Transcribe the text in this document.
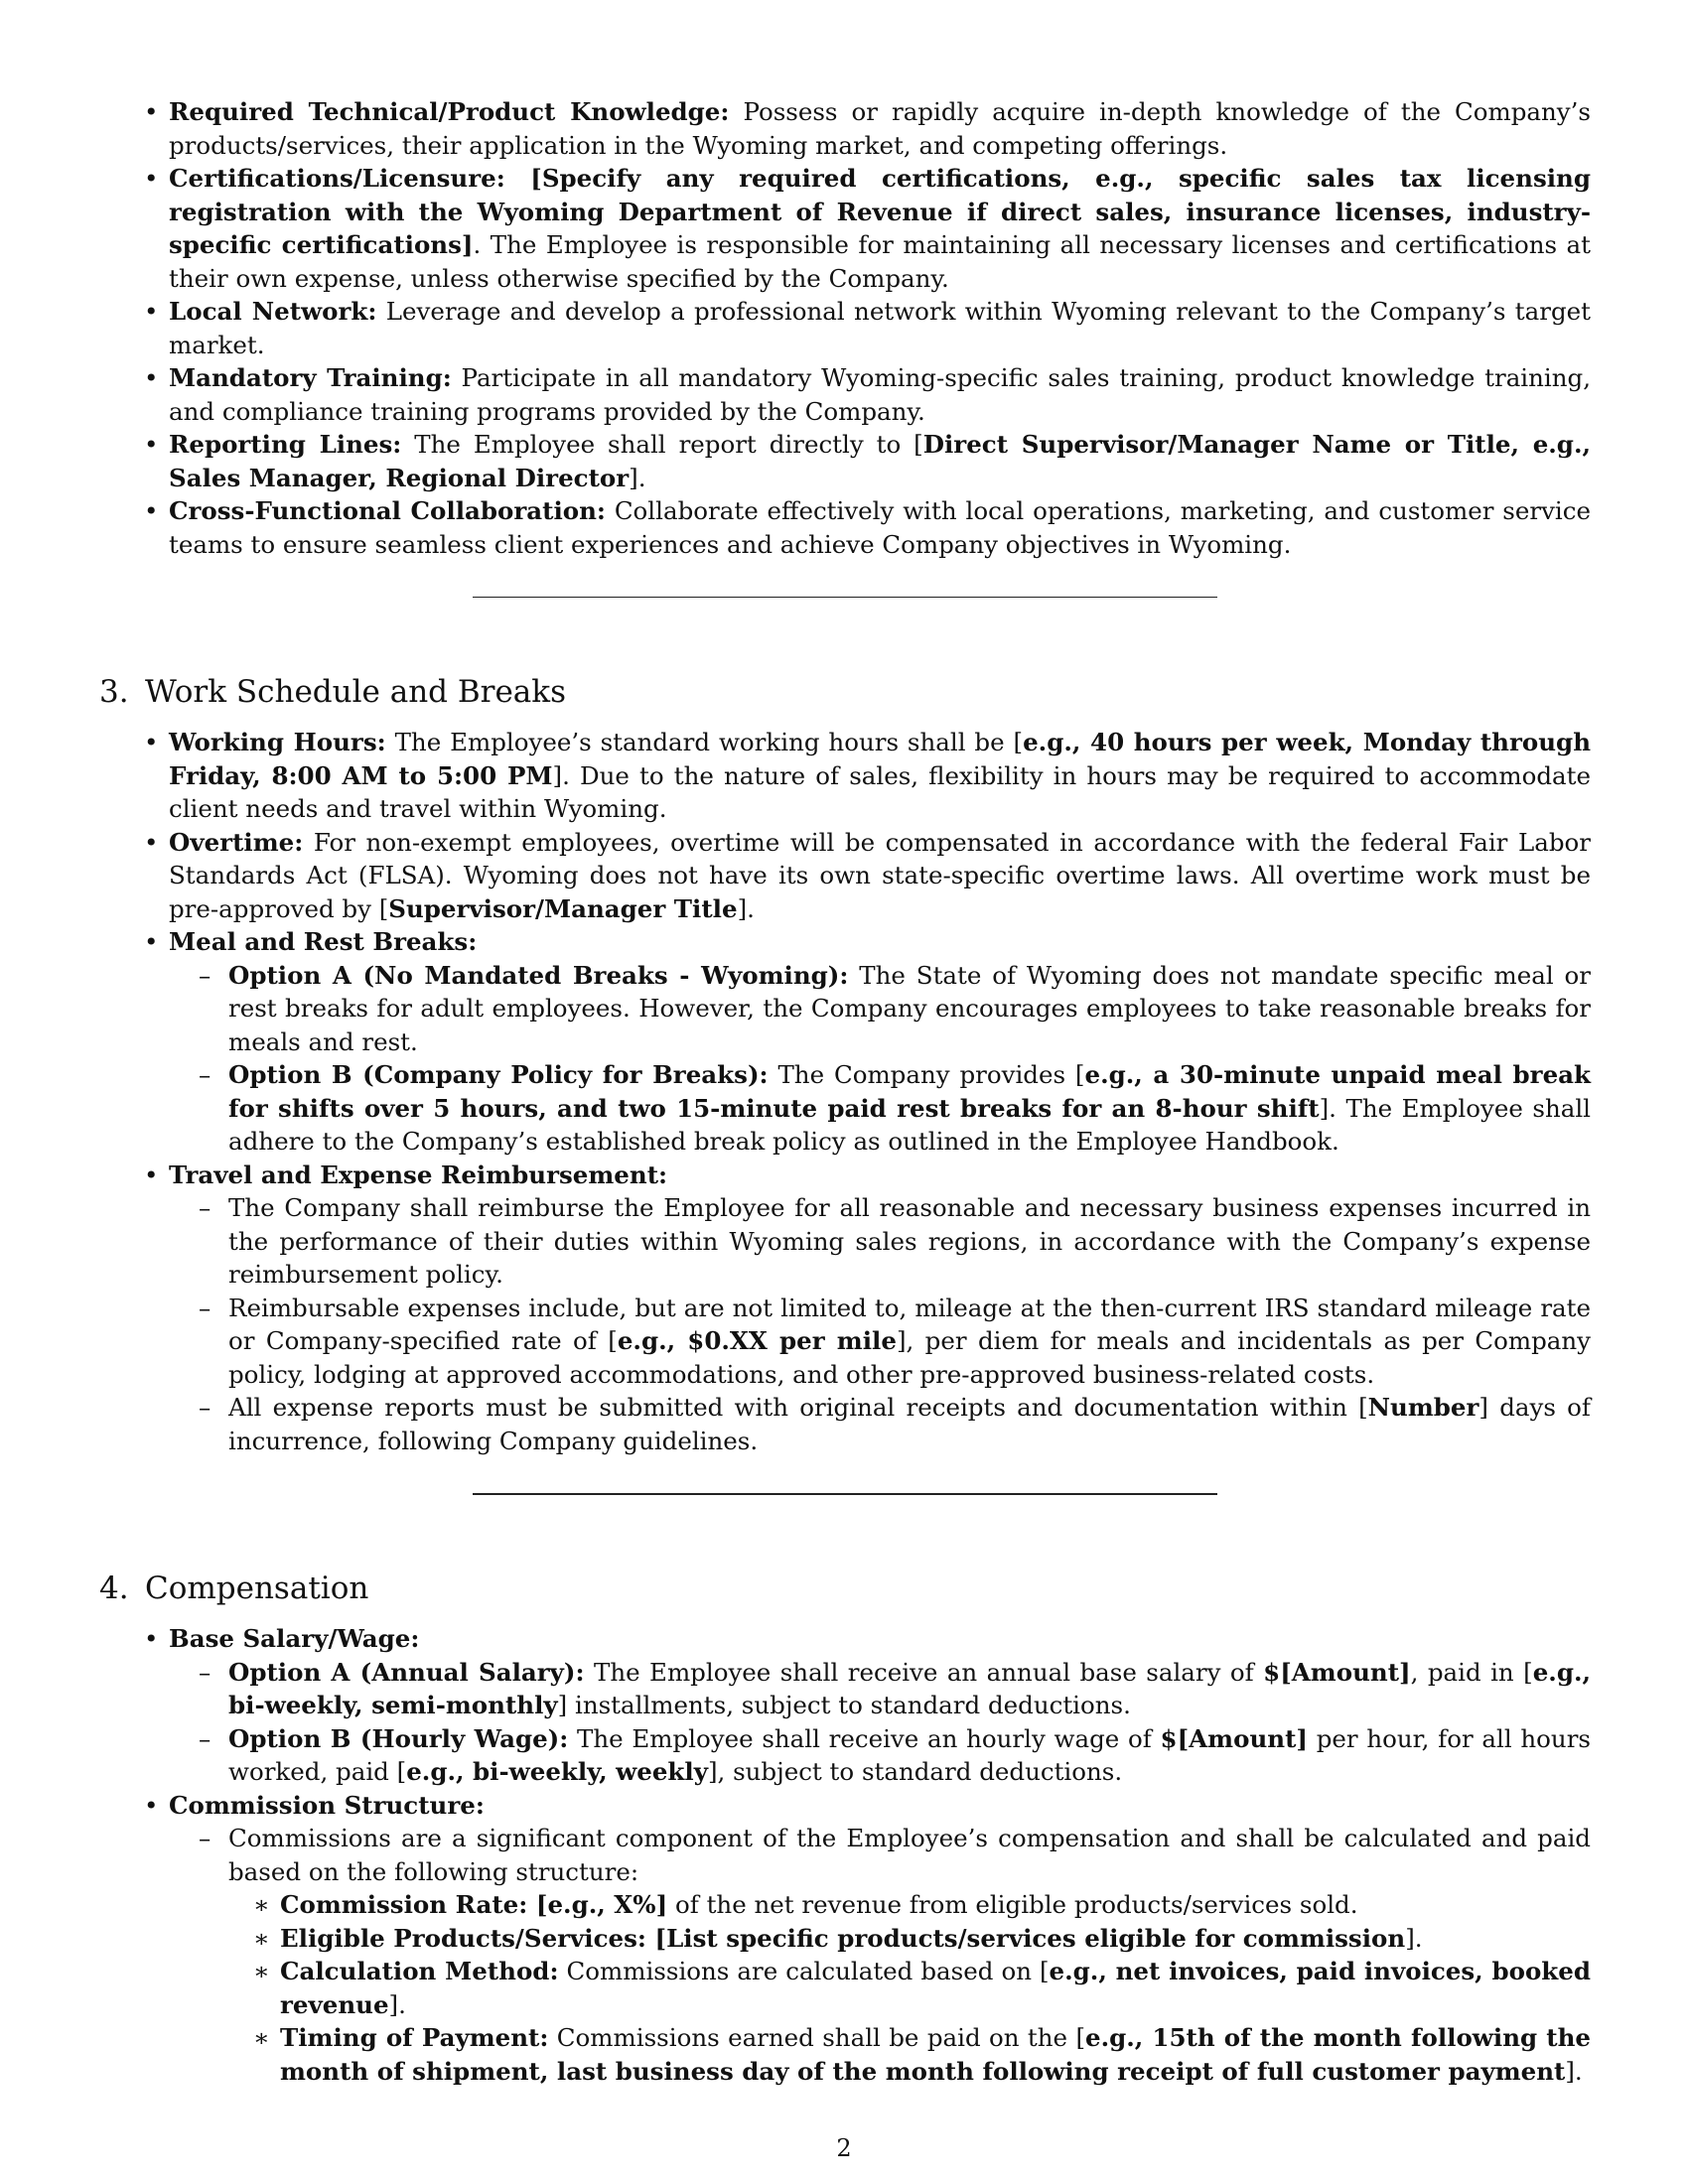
• Required Technical/Product Knowledge: Possess or rapidly acquire in-depth knowledge of the Company’s products/services, their application in the Wyoming market, and competing offerings.

• Certifications/Licensure: [Specify any required certifications, e.g., specific sales tax licensing registration with the Wyoming Department of Revenue if direct sales, insurance licenses, industry-specific certifications]. The Employee is responsible for maintaining all necessary licenses and certifications at their own expense, unless otherwise specified by the Company.

• Local Network: Leverage and develop a professional network within Wyoming relevant to the Company’s target market.

• Mandatory Training: Participate in all mandatory Wyoming-specific sales training, product knowledge training, and compliance training programs provided by the Company.

• Reporting Lines: The Employee shall report directly to [Direct Supervisor/Manager Name or Title, e.g., Sales Manager, Regional Director].

• Cross-Functional Collaboration: Collaborate effectively with local operations, marketing, and customer service teams to ensure seamless client experiences and achieve Company objectives in Wyoming.

3. Work Schedule and Breaks

• Working Hours: The Employee’s standard working hours shall be [e.g., 40 hours per week, Monday through Friday, 8:00 AM to 5:00 PM]. Due to the nature of sales, flexibility in hours may be required to accommodate client needs and travel within Wyoming.

• Overtime: For non-exempt employees, overtime will be compensated in accordance with the federal Fair Labor Standards Act (FLSA). Wyoming does not have its own state-specific overtime laws. All overtime work must be pre-approved by [Supervisor/Manager Title].

• Meal and Rest Breaks:

– Option A (No Mandated Breaks - Wyoming): The State of Wyoming does not mandate specific meal or rest breaks for adult employees. However, the Company encourages employees to take reasonable breaks for meals and rest.

– Option B (Company Policy for Breaks): The Company provides [e.g., a 30-minute unpaid meal break for shifts over 5 hours, and two 15-minute paid rest breaks for an 8-hour shift]. The Employee shall adhere to the Company’s established break policy as outlined in the Employee Handbook.

• Travel and Expense Reimbursement:

– The Company shall reimburse the Employee for all reasonable and necessary business expenses incurred in the performance of their duties within Wyoming sales regions, in accordance with the Company’s expense reimbursement policy.

– Reimbursable expenses include, but are not limited to, mileage at the then-current IRS standard mileage rate or Company-specified rate of [e.g., $0.XX per mile], per diem for meals and incidentals as per Company policy, lodging at approved accommodations, and other pre-approved business-related costs.

– All expense reports must be submitted with original receipts and documentation within [Number] days of incurrence, following Company guidelines.

4. Compensation

• Base Salary/Wage:

– Option A (Annual Salary): The Employee shall receive an annual base salary of $[Amount], paid in [e.g., bi-weekly, semi-monthly] installments, subject to standard deductions.

– Option B (Hourly Wage): The Employee shall receive an hourly wage of $[Amount] per hour, for all hours worked, paid [e.g., bi-weekly, weekly], subject to standard deductions.

• Commission Structure:

– Commissions are a significant component of the Employee’s compensation and shall be calculated and paid based on the following structure:

∗ Commission Rate: [e.g., X%] of the net revenue from eligible products/services sold.

∗ Eligible Products/Services: [List specific products/services eligible for commission].

∗ Calculation Method: Commissions are calculated based on [e.g., net invoices, paid invoices, booked revenue].

∗ Timing of Payment: Commissions earned shall be paid on the [e.g., 15th of the month following the month of shipment, last business day of the month following receipt of full customer payment].

2
